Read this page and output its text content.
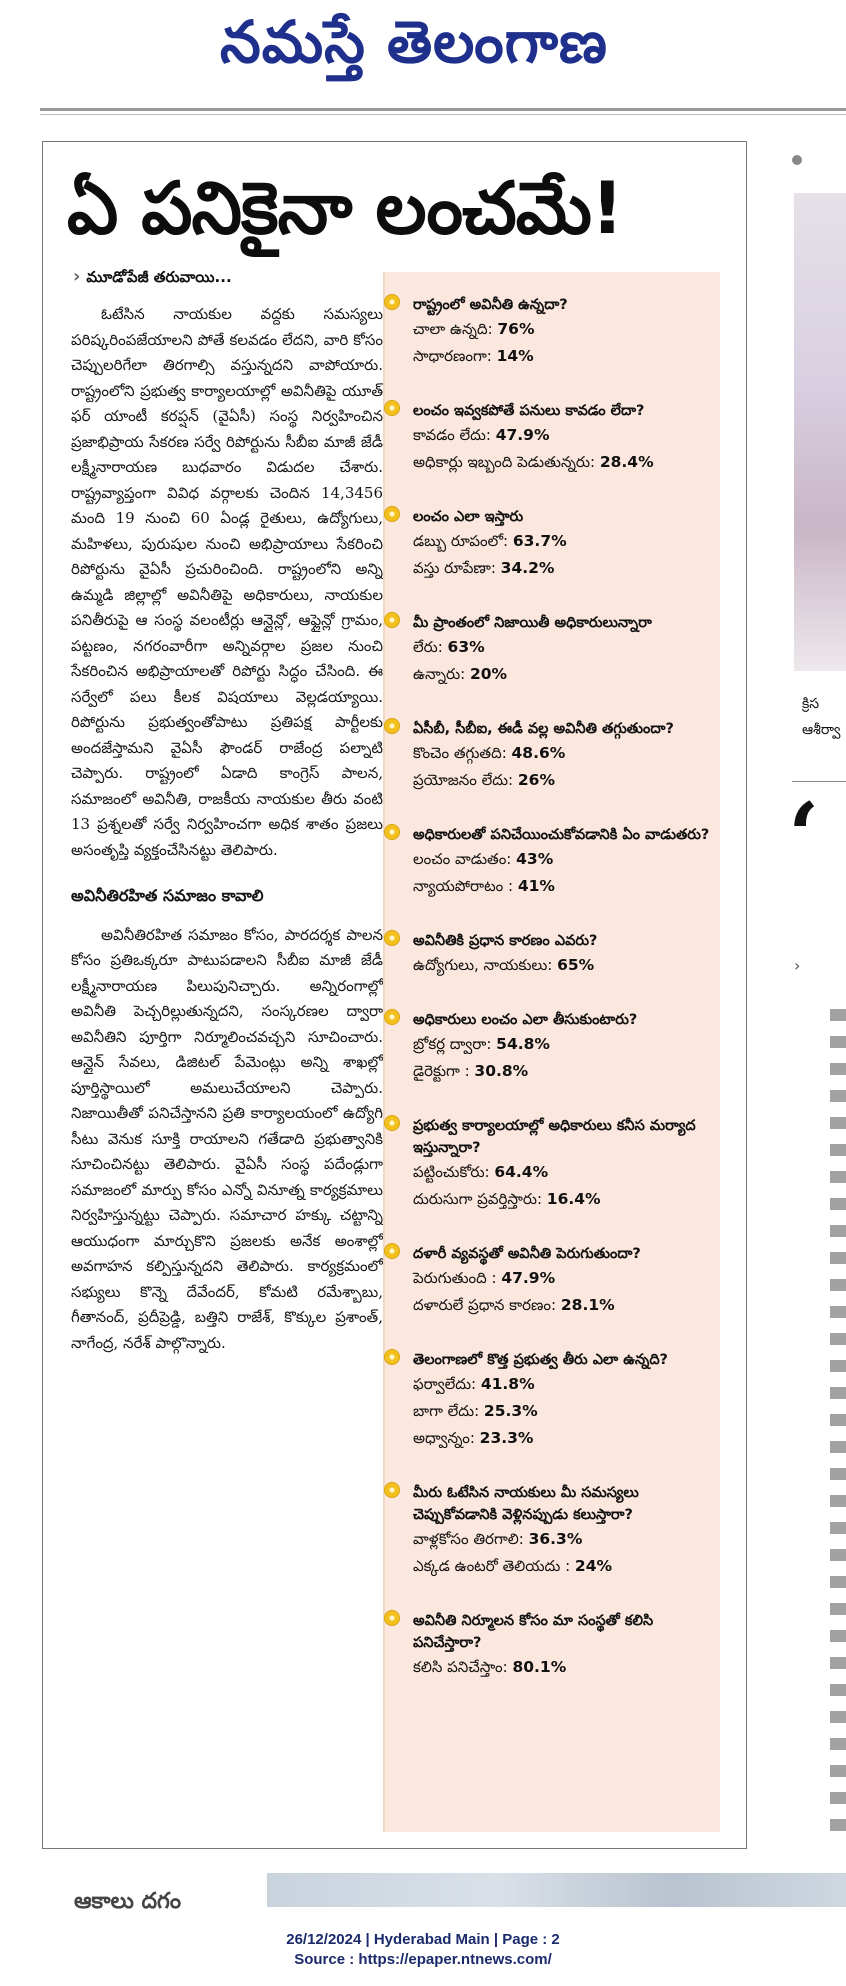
నమస్తే తెలంగాణ
ఏ పనికైనా లంచమే!
› మూడోపేజీ తరువాయి...

ఓటేసిన నాయకుల వద్దకు సమస్యలు పరిష్కరింపజేయాలని పోతే కలవడం లేదని, వారి కోసం చెప్పులరిగేలా తిరగాల్సి వస్తున్నదని వాపోయారు. రాష్ట్రంలోని ప్రభుత్వ కార్యాలయాల్లో అవినీతిపై యూత్ ఫర్ యాంటీ కరప్షన్ (వైఏసీ) సంస్థ నిర్వహించిన ప్రజాభిప్రాయ సేకరణ సర్వే రిపోర్టును సీబీఐ మాజీ జేడీ లక్ష్మీనారాయణ బుధవారం విడుదల చేశారు. రాష్ట్రవ్యాప్తంగా వివిధ వర్గాలకు చెందిన 14,3456 మంది 19 నుంచి 60 ఏండ్ల రైతులు, ఉద్యోగులు, మహిళలు, పురుషుల నుంచి అభిప్రాయాలు సేకరించి రిపోర్టును వైఏసీ ప్రచురించింది. రాష్ట్రంలోని అన్ని ఉమ్మడి జిల్లాల్లో అవినీతిపై అధికారులు, నాయకుల పనితీరుపై ఆ సంస్థ వలంటీర్లు ఆన్లైన్లో, ఆఫ్లైన్లో గ్రామం, పట్టణం, నగరంవారీగా అన్నివర్గాల ప్రజల నుంచి సేకరించిన అభిప్రాయాలతో రిపోర్టు సిద్ధం చేసింది. ఈ సర్వేలో పలు కీలక విషయాలు వెల్లడయ్యాయి. రిపోర్టును ప్రభుత్వంతోపాటు ప్రతిపక్ష పార్టీలకు అందజేస్తామని వైఏసీ ఫౌండర్ రాజేంద్ర పల్నాటి చెప్పారు. రాష్ట్రంలో ఏడాది కాంగ్రెస్ పాలన, సమాజంలో అవినీతి, రాజకీయ నాయకుల తీరు వంటి 13 ప్రశ్నలతో సర్వే నిర్వహించగా అధిక శాతం ప్రజలు అసంతృప్తి వ్యక్తంచేసినట్టు తెలిపారు.

అవినీతిరహిత సమాజం కావాలి

అవినీతిరహిత సమాజం కోసం, పారదర్శక పాలన కోసం ప్రతిఒక్కరూ పాటుపడాలని సీబీఐ మాజీ జేడీ లక్ష్మీనారాయణ పిలుపునిచ్చారు. అన్నిరంగాల్లో అవినీతి పెచ్చరిల్లుతున్నదని, సంస్కరణల ద్వారా అవినీతిని పూర్తిగా నిర్మూలించవచ్చని సూచించారు. ఆన్లైన్ సేవలు, డిజిటల్ పేమెంట్లు అన్ని శాఖల్లో పూర్తిస్థాయిలో అమలుచేయాలని చెప్పారు. నిజాయితీతో పనిచేస్తానని ప్రతి కార్యాలయంలో ఉద్యోగి సీటు వెనుక సూక్తి రాయాలని గతేడాది ప్రభుత్వానికి సూచించినట్టు తెలిపారు. వైఏసీ సంస్థ పదేండ్లుగా సమాజంలో మార్పు కోసం ఎన్నో వినూత్న కార్యక్రమాలు నిర్వహిస్తున్నట్టు చెప్పారు. సమాచార హక్కు చట్టాన్ని ఆయుధంగా మార్చుకొని ప్రజలకు అనేక అంశాల్లో అవగాహన కల్పిస్తున్నదని తెలిపారు. కార్యక్రమంలో సభ్యులు కొన్నె దేవేందర్, కోమటి రమేశ్బాబు, గీతానంద్, ప్రదీప్రెడ్డి, బత్తిని రాజేశ్, కొక్కుల ప్రశాంత్, నాగేంద్ర, నరేశ్ పాల్గొన్నారు.

రాష్ట్రంలో అవినీతి ఉన్నదా?
చాలా ఉన్నది: 76%
సాధారణంగా: 14%
లంచం ఇవ్వకపోతే పనులు కావడం లేదా?
కావడం లేదు: 47.9%
అధికార్లు ఇబ్బంది పెడుతున్నరు: 28.4%
లంచం ఎలా ఇస్తారు
డబ్బు రూపంలో: 63.7%
వస్తు రూపేణా: 34.2%
మీ ప్రాంతంలో నిజాయితీ అధికారులున్నారా
లేరు: 63%
ఉన్నారు: 20%
ఏసీబీ, సీబీఐ, ఈడీ వల్ల అవినీతి తగ్గుతుందా?
కొంచెం తగ్గుతది: 48.6%
ప్రయోజనం లేదు: 26%
అధికారులతో పనిచేయించుకోవడానికి ఏం వాడుతరు?
లంచం వాడుతం: 43%
న్యాయపోరాటం : 41%
అవినీతికి ప్రధాన కారణం ఎవరు?
ఉద్యోగులు, నాయకులు: 65%
అధికారులు లంచం ఎలా తీసుకుంటారు?
బ్రోకర్ల ద్వారా: 54.8%
డైరెక్టుగా : 30.8%
ప్రభుత్వ కార్యాలయాల్లో అధికారులు కనీస మర్యాద ఇస్తున్నారా?
పట్టించుకోరు: 64.4%
దురుసుగా ప్రవర్తిస్తారు: 16.4%
దళారీ వ్యవస్థతో అవినీతి పెరుగుతుందా?
పెరుగుతుంది : 47.9%
దళారులే ప్రధాన కారణం: 28.1%
తెలంగాణలో కొత్త ప్రభుత్వ తీరు ఎలా ఉన్నది?
ఫర్వాలేదు: 41.8%
బాగా లేదు: 25.3%
అధ్వాన్నం: 23.3%
మీరు ఓటేసిన నాయకులు మీ సమస్యలు చెప్పుకోవడానికి వెళ్లినప్పుడు కలుస్తారా?
వాళ్లకోసం తిరగాలి: 36.3%
ఎక్కడ ఉంటరో తెలియదు : 24%
అవినీతి నిర్మూలన కోసం మా సంస్థతో కలిసి పనిచేస్తారా?
కలిసి పనిచేస్తాం: 80.1%
క్రిస
ఆశీర్వా
‘
›
ఆకాలు దగం
26/12/2024 | Hyderabad Main | Page : 2
Source : https://epaper.ntnews.com/
